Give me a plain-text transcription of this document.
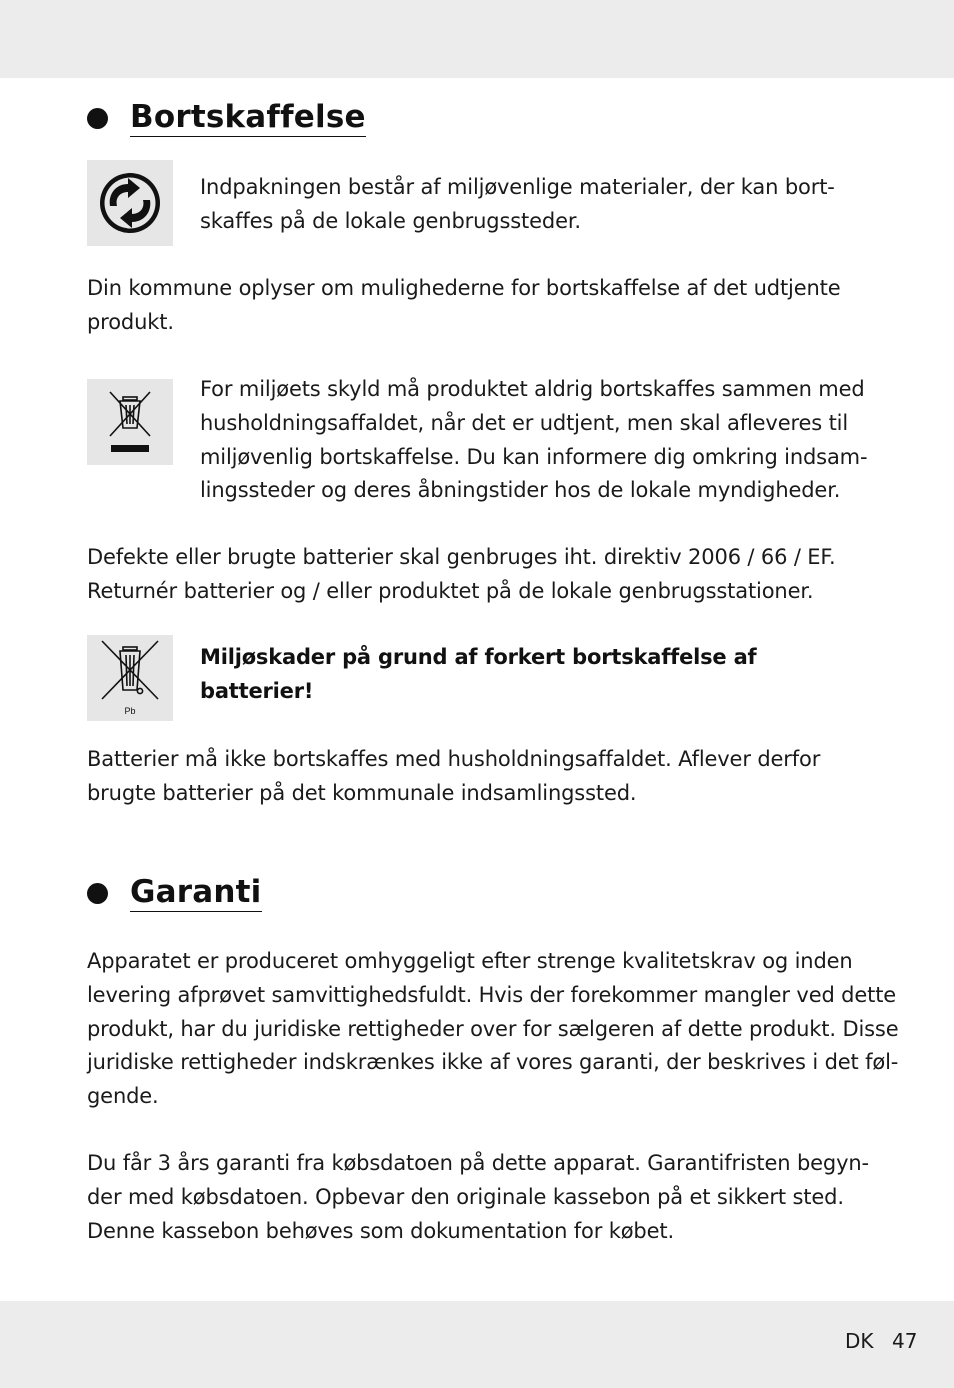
Bortskaffelse
Indpakningen består af miljøvenlige materialer, der kan bort-
skaffes på de lokale genbrugssteder.
Din kommune oplyser om mulighederne for bortskaffelse af det udtjente
produkt.
For miljøets skyld må produktet aldrig bortskaffes sammen med
husholdningsaffaldet, når det er udtjent, men skal afleveres til
miljøvenlig bortskaffelse. Du kan informere dig omkring indsam-
lingssteder og deres åbningstider hos de lokale myndigheder.
Defekte eller brugte batterier skal genbruges iht. direktiv 2006 / 66 / EF.
Returnér batterier og / eller produktet på de lokale genbrugsstationer.
Pb
Miljøskader på grund af forkert bortskaffelse af
batterier!
Batterier må ikke bortskaffes med husholdningsaffaldet. Aflever derfor
brugte batterier på det kommunale indsamlingssted.
Garanti
Apparatet er produceret omhyggeligt efter strenge kvalitetskrav og inden
levering afprøvet samvittighedsfuldt. Hvis der forekommer mangler ved dette
produkt, har du juridiske rettigheder over for sælgeren af dette produkt. Disse
juridiske rettigheder indskrænkes ikke af vores garanti, der beskrives i det føl-
gende.
Du får 3 års garanti fra købsdatoen på dette apparat. Garantifristen begyn-
der med købsdatoen. Opbevar den originale kassebon på et sikkert sted.
Denne kassebon behøves som dokumentation for købet.
DK 47
